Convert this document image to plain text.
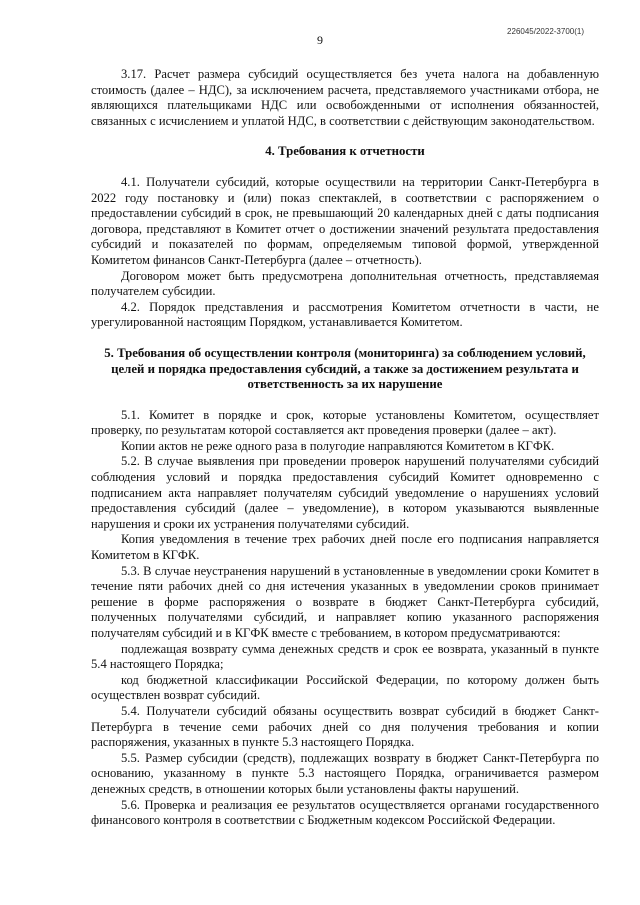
226045/2022-3700(1)
9

3.17. Расчет размера субсидий осуществляется без учета налога на добавленную стоимость (далее – НДС), за исключением расчета, представляемого участниками отбора, не являющихся плательщиками НДС или освобожденными от исполнения обязанностей, связанных с исчислением и уплатой НДС, в соответствии с действующим законодательством.

4. Требования к отчетности

4.1. Получатели субсидий, которые осуществили на территории Санкт-Петербурга в 2022 году постановку и (или) показ спектаклей, в соответствии с распоряжением о предоставлении субсидий в срок, не превышающий 20 календарных дней с даты подписания договора, представляют в Комитет отчет о достижении значений результата предоставления субсидий и показателей по формам, определяемым типовой формой, утвержденной Комитетом финансов Санкт-Петербурга (далее – отчетность).

Договором может быть предусмотрена дополнительная отчетность, представляемая получателем субсидии.

4.2. Порядок представления и рассмотрения Комитетом отчетности в части, не урегулированной настоящим Порядком, устанавливается Комитетом.

5. Требования об осуществлении контроля (мониторинга) за соблюдением условий, целей и порядка предоставления субсидий, а также за достижением результата и ответственность за их нарушение

5.1. Комитет в порядке и срок, которые установлены Комитетом, осуществляет проверку, по результатам которой составляется акт проведения проверки (далее – акт).

Копии актов не реже одного раза в полугодие направляются Комитетом в КГФК.

5.2. В случае выявления при проведении проверок нарушений получателями субсидий соблюдения условий и порядка предоставления субсидий Комитет одновременно с подписанием акта направляет получателям субсидий уведомление о нарушениях условий предоставления субсидий (далее – уведомление), в котором указываются выявленные нарушения и сроки их устранения получателями субсидий.

Копия уведомления в течение трех рабочих дней после его подписания направляется Комитетом в КГФК.

5.3. В случае неустранения нарушений в установленные в уведомлении сроки Комитет в течение пяти рабочих дней со дня истечения указанных в уведомлении сроков принимает решение в форме распоряжения о возврате в бюджет Санкт-Петербурга субсидий, полученных получателями субсидий, и направляет копию указанного распоряжения получателям субсидий и в КГФК вместе с требованием, в котором предусматриваются:

подлежащая возврату сумма денежных средств и срок ее возврата, указанный в пункте 5.4 настоящего Порядка;

код бюджетной классификации Российской Федерации, по которому должен быть осуществлен возврат субсидий.

5.4. Получатели субсидий обязаны осуществить возврат субсидий в бюджет Санкт-Петербурга в течение семи рабочих дней со дня получения требования и копии распоряжения, указанных в пункте 5.3 настоящего Порядка.

5.5. Размер субсидии (средств), подлежащих возврату в бюджет Санкт-Петербурга по основанию, указанному в пункте 5.3 настоящего Порядка, ограничивается размером денежных средств, в отношении которых были установлены факты нарушений.

5.6. Проверка и реализация ее результатов осуществляется органами государственного финансового контроля в соответствии с Бюджетным кодексом Российской Федерации.
